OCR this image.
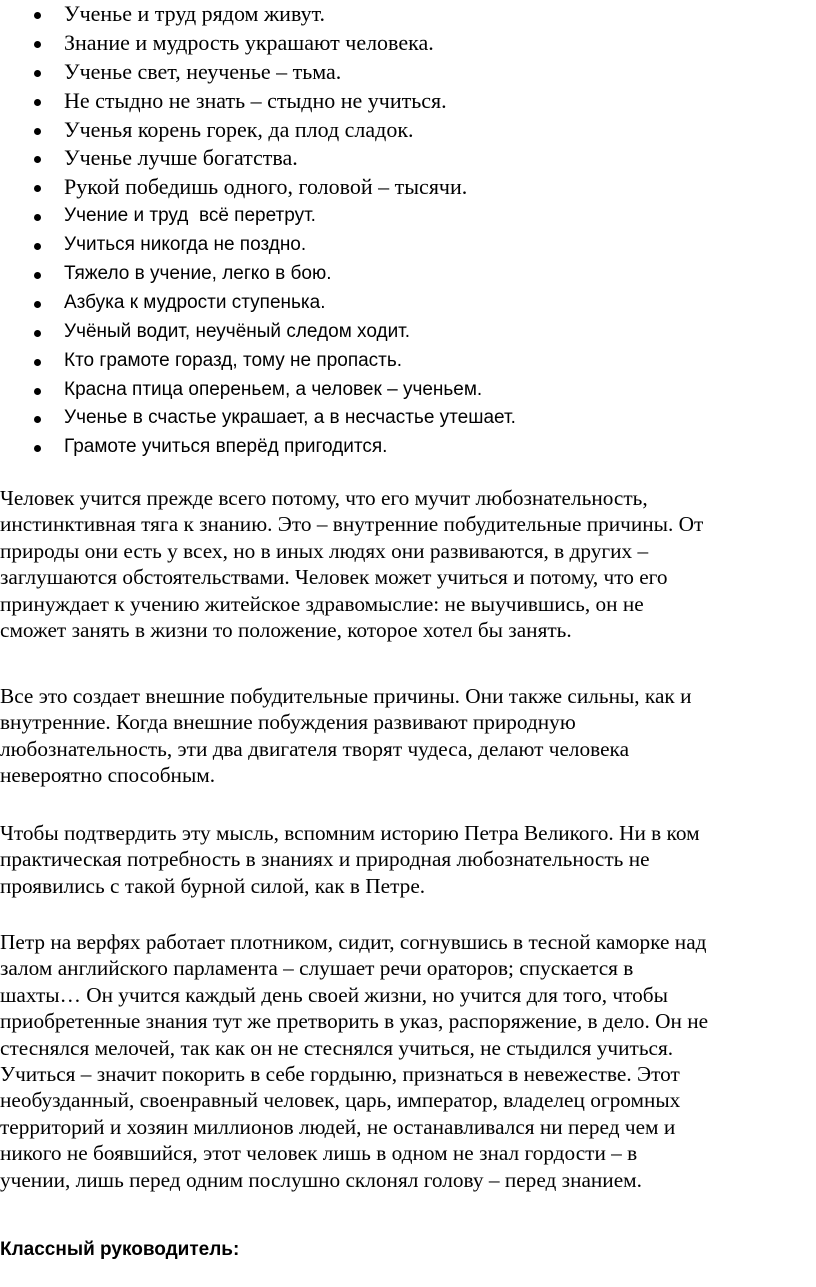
Ученье и труд рядом живут.
Знание и мудрость украшают человека.
Ученье свет, неученье – тьма.
Не стыдно не знать – стыдно не учиться.
Ученья корень горек, да плод сладок.
Ученье лучше богатства.
Рукой победишь одного, головой – тысячи.
Учение и труд  всё перетрут.
Учиться никогда не поздно.
Тяжело в учение, легко в бою.
Азбука к мудрости ступенька.
Учёный водит, неучёный следом ходит.
Кто грамоте горазд, тому не пропасть.
Красна птица опереньем, а человек – ученьем.
Ученье в счастье украшает, а в несчастье утешает.
Грамоте учиться вперёд пригодится.

Человек учится прежде всего потому, что его мучит любознательность,
инстинктивная тяга к знанию. Это – внутренние побудительные причины. От
природы они есть у всех, но в иных людях они развиваются, в других –
заглушаются обстоятельствами. Человек может учиться и потому, что его
принуждает к учению житейское здравомыслие: не выучившись, он не
сможет занять в жизни то положение, которое хотел бы занять.

Все это создает внешние побудительные причины. Они также сильны, как и
внутренние. Когда внешние побуждения развивают природную
любознательность, эти два двигателя творят чудеса, делают человека
невероятно способным.

Чтобы подтвердить эту мысль, вспомним историю Петра Великого. Ни в ком
практическая потребность в знаниях и природная любознательность не
проявились с такой бурной силой, как в Петре.

Петр на верфях работает плотником, сидит, согнувшись в тесной каморке над
залом английского парламента – слушает речи ораторов; спускается в
шахты… Он учится каждый день своей жизни, но учится для того, чтобы
приобретенные знания тут же претворить в указ, распоряжение, в дело. Он не
стеснялся мелочей, так как он не стеснялся учиться, не стыдился учиться.
Учиться – значит покорить в себе гордыню, признаться в невежестве. Этот
необузданный, своенравный человек, царь, император, владелец огромных
территорий и хозяин миллионов людей, не останавливался ни перед чем и
никого не боявшийся, этот человек лишь в одном не знал гордости – в
учении, лишь перед одним послушно склонял голову – перед знанием.

Классный руководитель:
